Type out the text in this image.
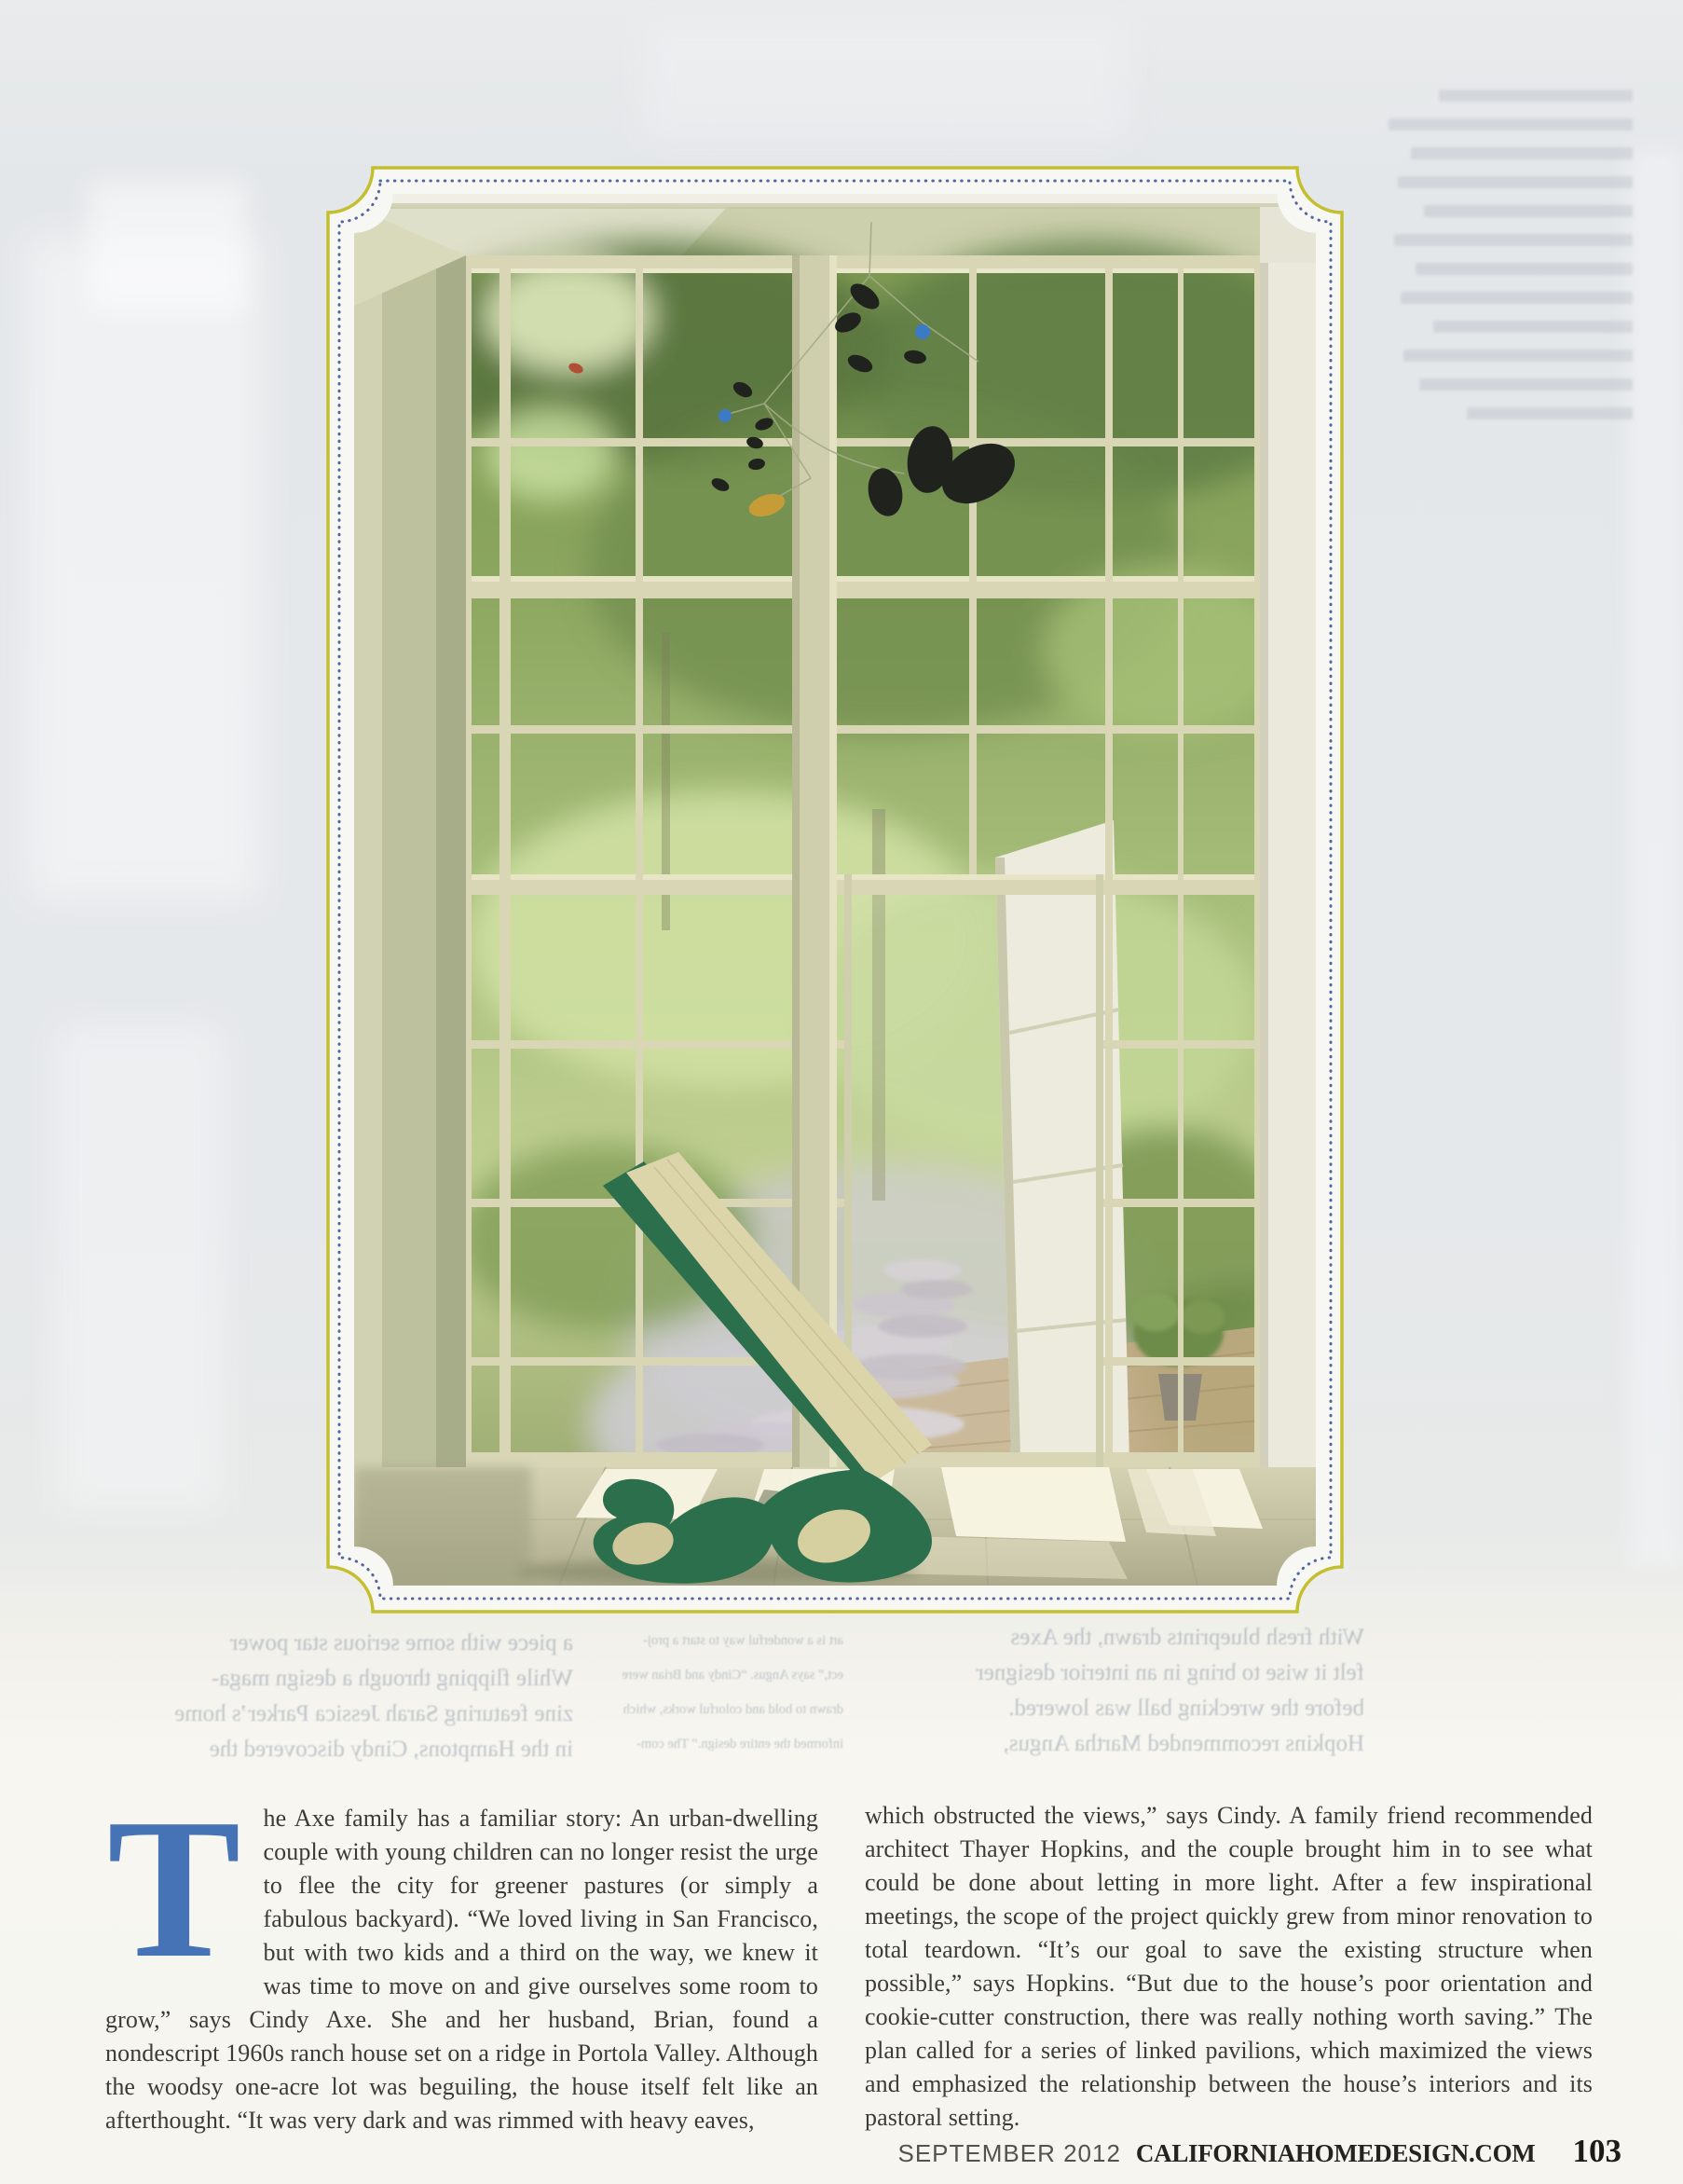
a piece with some serious star power
While flipping through a design maga-
zine featuring Sarah Jessica Parker’s home
in the Hamptons, Cindy discovered the
art is a wonderful way to start a proj-
ect,” says Angus. “Cindy and Brian were
drawn to bold and colorful works, which
informed the entire design.” The com-
With fresh blueprints drawn, the Axes
felt it wise to bring in an interior designer
before the wrecking ball was lowered.
Hopkins recommended Martha Angus,
The Axe family has a familiar story: An urban-dwelling couple with young children can no longer resist the urge to flee the city for greener pastures (or simply a fabulous backyard). “We loved living in San Francisco, but with two kids and a third on the way, we knew it was time to move on and give ourselves some room to grow,” says Cindy Axe. She and her husband, Brian, found a nondescript 1960s ranch house set on a ridge in Portola Valley. Although the woodsy one-acre lot was beguiling, the house itself felt like an afterthought. “It was very dark and was rimmed with heavy eaves,
which obstructed the views,” says Cindy. A family friend recommended architect Thayer Hopkins, and the couple brought him in to see what could be done about letting in more light. After a few inspirational meetings, the scope of the project quickly grew from minor renovation to total teardown. “It’s our goal to save the existing structure when possible,” says Hopkins. “But due to the house’s poor orientation and cookie-cutter construction, there was really nothing worth saving.” The plan called for a series of linked pavilions, which maximized the views and emphasized the relationship between the house’s interiors and its pastoral setting.
SEPTEMBER 2012 CALIFORNIAHOMEDESIGN.COM 103
